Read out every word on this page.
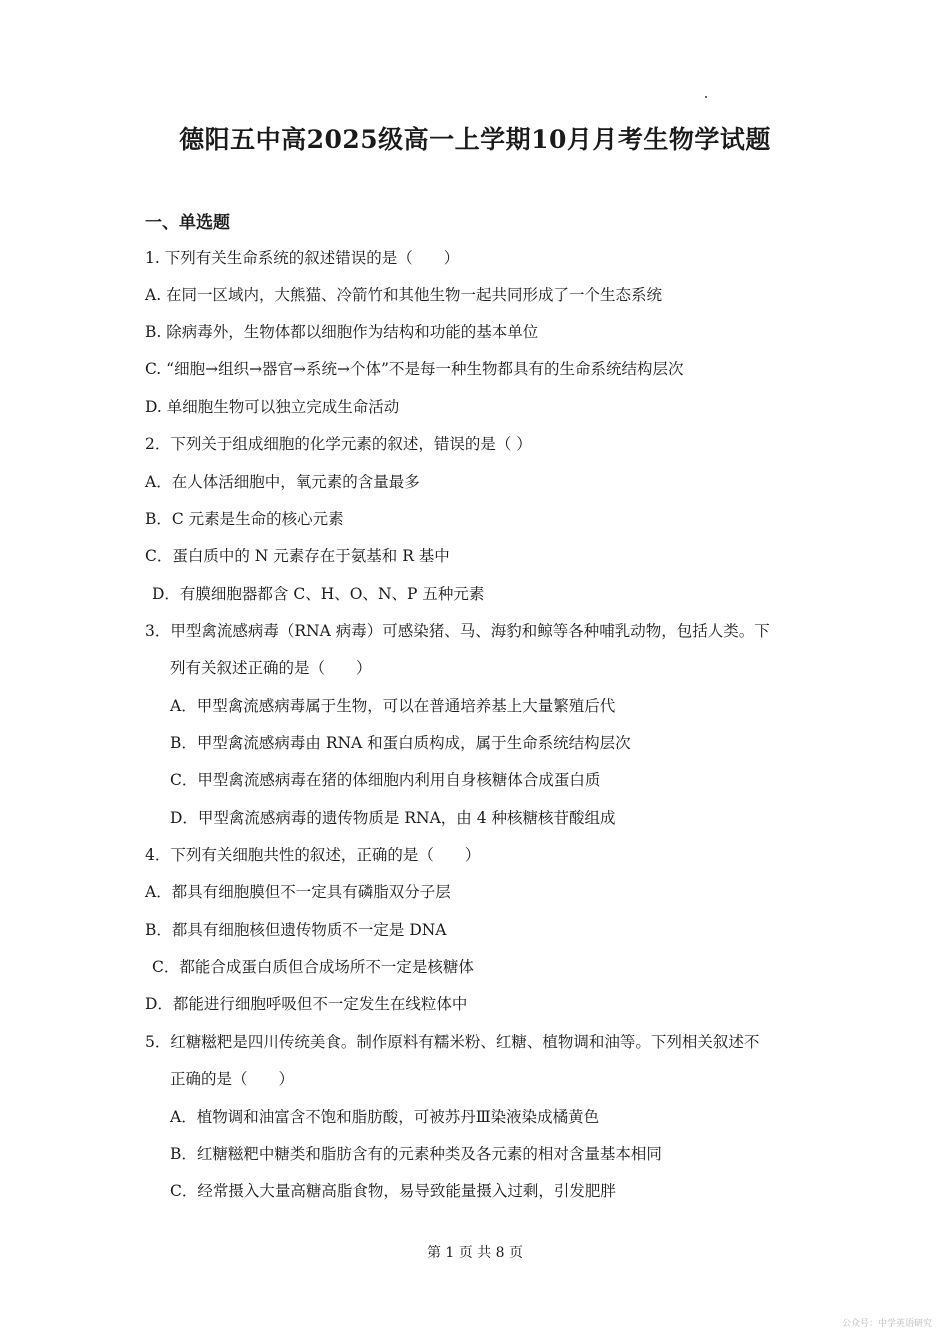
德阳五中高2025级高一上学期10月月考生物学试题
一、单选题
1. 下列有关生命系统的叙述错误的是（　　）
A. 在同一区域内，大熊猫、冷箭竹和其他生物一起共同形成了一个生态系统
B. 除病毒外，生物体都以细胞作为结构和功能的基本单位
C. “细胞→组织→器官→系统→个体”不是每一种生物都具有的生命系统结构层次
D. 单细胞生物可以独立完成生命活动
2．下列关于组成细胞的化学元素的叙述，错误的是（ ）
A．在人体活细胞中，氧元素的含量最多
B．C 元素是生命的核心元素
C．蛋白质中的 N 元素存在于氨基和 R 基中
D．有膜细胞器都含 C、H、O、N、P 五种元素
3．甲型禽流感病毒（RNA 病毒）可感染猪、马、海豹和鲸等各种哺乳动物，包括人类。下
列有关叙述正确的是（　　）
A．甲型禽流感病毒属于生物，可以在普通培养基上大量繁殖后代
B．甲型禽流感病毒由 RNA 和蛋白质构成，属于生命系统结构层次
C．甲型禽流感病毒在猪的体细胞内利用自身核糖体合成蛋白质
D．甲型禽流感病毒的遗传物质是 RNA，由 4 种核糖核苷酸组成
4．下列有关细胞共性的叙述，正确的是（　　）
A．都具有细胞膜但不一定具有磷脂双分子层
B．都具有细胞核但遗传物质不一定是 DNA
C．都能合成蛋白质但合成场所不一定是核糖体
D．都能进行细胞呼吸但不一定发生在线粒体中
5．红糖糍粑是四川传统美食。制作原料有糯米粉、红糖、植物调和油等。下列相关叙述不
正确的是（　　）
A．植物调和油富含不饱和脂肪酸，可被苏丹Ⅲ染液染成橘黄色
B．红糖糍粑中糖类和脂肪含有的元素种类及各元素的相对含量基本相同
C．经常摄入大量高糖高脂食物，易导致能量摄入过剩，引发肥胖
第 1 页 共 8 页
公众号：中学英语研究
